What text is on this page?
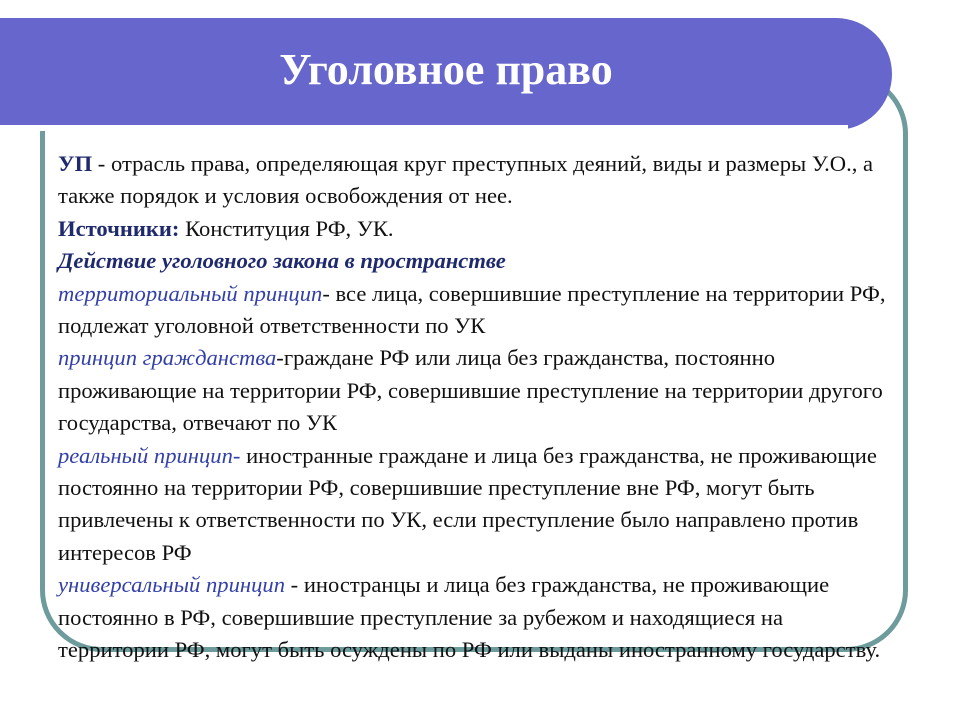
Уголовное право

УП - отрасль права, определяющая круг преступных деяний, виды и размеры У.О., а также порядок и условия освобождения от нее.

Источники: Конституция РФ, УК.

Действие уголовного закона в пространстве

территориальный принцип- все лица, совершившие преступление на территории РФ, подлежат уголовной ответственности по УК

принцип гражданства-граждане РФ или лица без гражданства, постоянно проживающие на территории РФ, совершившие преступление на территории другого государства, отвечают по УК

реальный принцип- иностранные граждане и лица без гражданства, не проживающие постоянно на территории РФ, совершившие преступление вне РФ, могут быть привлечены к ответственности по УК, если преступление было направлено против интересов РФ

универсальный принцип - иностранцы и лица без гражданства, не проживающие постоянно в РФ, совершившие преступление за рубежом и находящиеся на территории РФ, могут быть осуждены по РФ или выданы иностранному государству.
